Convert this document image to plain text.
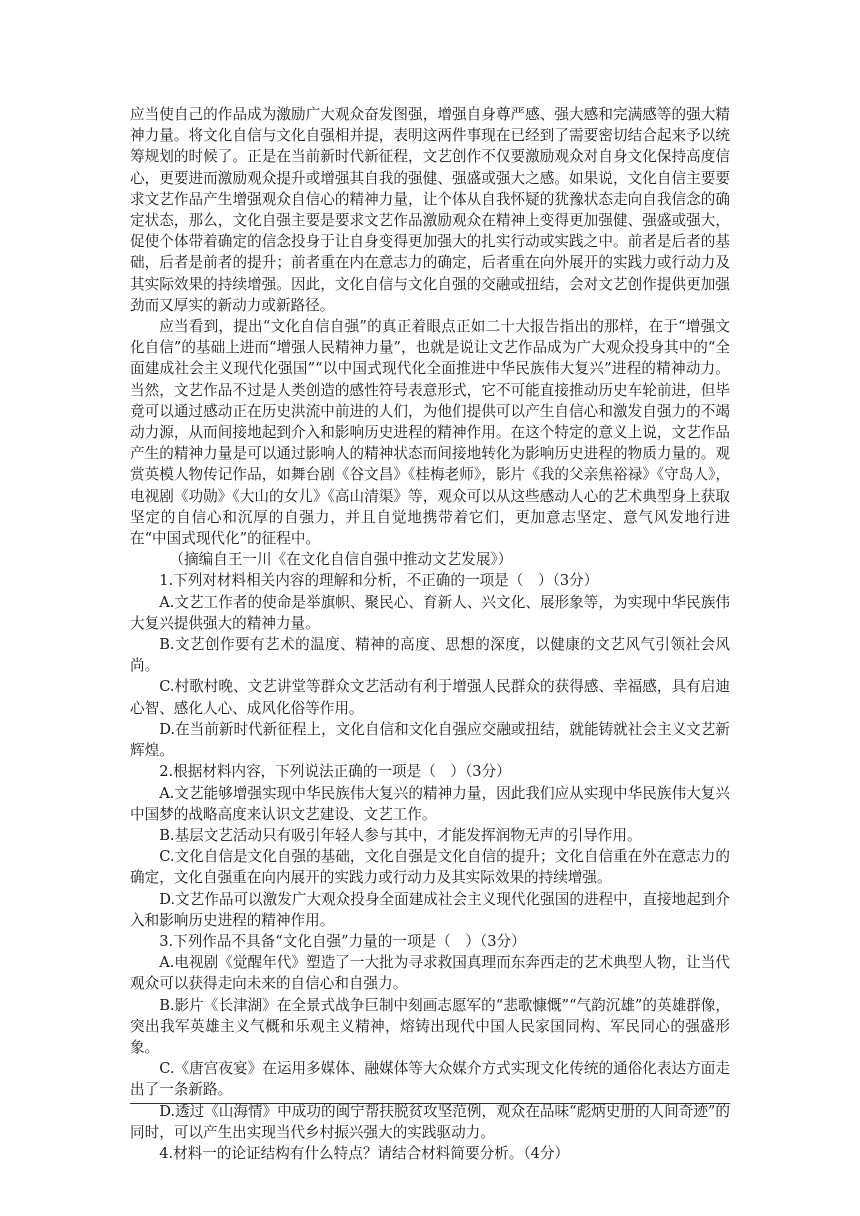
应当使自己的作品成为激励广大观众奋发图强，增强自身尊严感、强大感和完满感等的强大精神力量。将文化自信与文化自强相并提，表明这两件事现在已经到了需要密切结合起来予以统筹规划的时候了。正是在当前新时代新征程，文艺创作不仅要激励观众对自身文化保持高度信心，更要进而激励观众提升或增强其自我的强健、强盛或强大之感。如果说，文化自信主要要求文艺作品产生增强观众自信心的精神力量，让个体从自我怀疑的犹豫状态走向自我信念的确定状态，那么，文化自强主要是要求文艺作品激励观众在精神上变得更加强健、强盛或强大，促使个体带着确定的信念投身于让自身变得更加强大的扎实行动或实践之中。前者是后者的基础，后者是前者的提升；前者重在内在意志力的确定，后者重在向外展开的实践力或行动力及其实际效果的持续增强。因此，文化自信与文化自强的交融或扭结，会对文艺创作提供更加强劲而又厚实的新动力或新路径。

应当看到，提出“文化自信自强”的真正着眼点正如二十大报告指出的那样，在于“增强文化自信”的基础上进而“增强人民精神力量”，也就是说让文艺作品成为广大观众投身其中的“全面建成社会主义现代化强国”“以中国式现代化全面推进中华民族伟大复兴”进程的精神动力。当然，文艺作品不过是人类创造的感性符号表意形式，它不可能直接推动历史车轮前进，但毕竟可以通过感动正在历史洪流中前进的人们，为他们提供可以产生自信心和激发自强力的不竭动力源，从而间接地起到介入和影响历史进程的精神作用。在这个特定的意义上说，文艺作品产生的精神力量是可以通过影响人的精神状态而间接地转化为影响历史进程的物质力量的。观赏英模人物传记作品，如舞台剧《谷文昌》《桂梅老师》，影片《我的父亲焦裕禄》《守岛人》，电视剧《功勋》《大山的女儿》《高山清渠》等，观众可以从这些感动人心的艺术典型身上获取坚定的自信心和沉厚的自强力，并且自觉地携带着它们，更加意志坚定、意气风发地行进在“中国式现代化”的征程中。

（摘编自王一川《在文化自信自强中推动文艺发展》）

1.下列对材料相关内容的理解和分析，不正确的一项是（　）（3分）

A.文艺工作者的使命是举旗帜、聚民心、育新人、兴文化、展形象等，为实现中华民族伟大复兴提供强大的精神力量。

B.文艺创作要有艺术的温度、精神的高度、思想的深度，以健康的文艺风气引领社会风尚。

C.村歌村晚、文艺讲堂等群众文艺活动有利于增强人民群众的获得感、幸福感，具有启迪心智、感化人心、成风化俗等作用。

D.在当前新时代新征程上，文化自信和文化自强应交融或扭结，就能铸就社会主义文艺新辉煌。

2.根据材料内容，下列说法正确的一项是（　）（3分）

A.文艺能够增强实现中华民族伟大复兴的精神力量，因此我们应从实现中华民族伟大复兴中国梦的战略高度来认识文艺建设、文艺工作。

B.基层文艺活动只有吸引年轻人参与其中，才能发挥润物无声的引导作用。

C.文化自信是文化自强的基础，文化自强是文化自信的提升；文化自信重在外在意志力的确定，文化自强重在向内展开的实践力或行动力及其实际效果的持续增强。

D.文艺作品可以激发广大观众投身全面建成社会主义现代化强国的进程中，直接地起到介入和影响历史进程的精神作用。

3.下列作品不具备“文化自强”力量的一项是（　）（3分）

A.电视剧《觉醒年代》塑造了一大批为寻求救国真理而东奔西走的艺术典型人物，让当代观众可以获得走向未来的自信心和自强力。

B.影片《长津湖》在全景式战争巨制中刻画志愿军的“悲歌慷慨”“气韵沉雄”的英雄群像，突出我军英雄主义气概和乐观主义精神，熔铸出现代中国人民家国同构、军民同心的强盛形象。

C.《唐宫夜宴》在运用多媒体、融媒体等大众媒介方式实现文化传统的通俗化表达方面走出了一条新路。

D.透过《山海情》中成功的闽宁帮扶脱贫攻坚范例，观众在品味“彪炳史册的人间奇迹”的同时，可以产生出实现当代乡村振兴强大的实践驱动力。

4.材料一的论证结构有什么特点？请结合材料简要分析。（4分）
